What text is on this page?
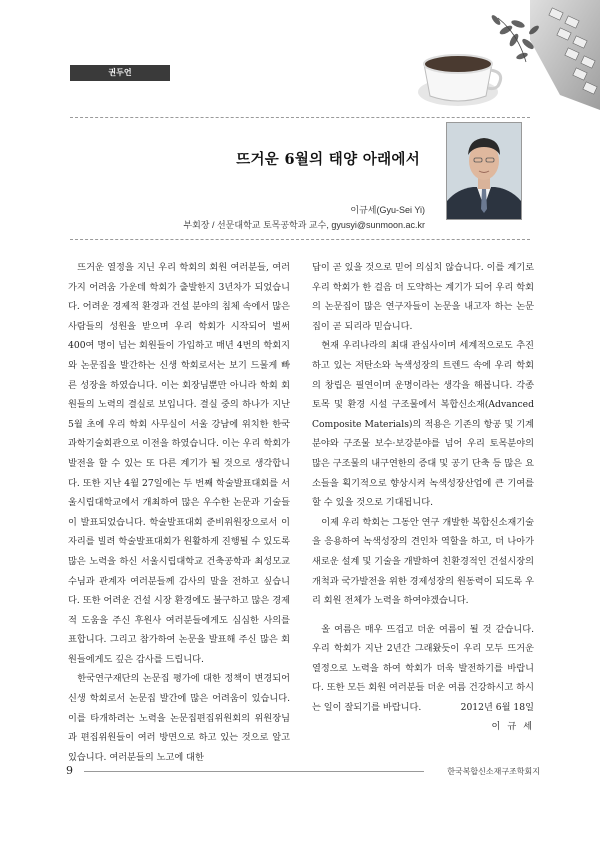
권두언
뜨거운 6월의 태양 아래에서
이규세(Gyu-Sei Yi)
부회장 / 선문대학교 토목공학과 교수, gyusyi@sunmoon.ac.kr

뜨거운 열정을 지닌 우리 학회의 회원 여러분들, 여러 가지 어려움 가운데 학회가 출발한지 3년차가 되었습니다. 어려운 경제적 환경과 건설 분야의 침체 속에서 많은 사람들의 성원을 받으며 우리 학회가 시작되어 벌써 400여 명이 넘는 회원들이 가입하고 매년 4번의 학회지와 논문집을 발간하는 신생 학회로서는 보기 드물게 빠른 성장을 하였습니다. 이는 회장님뿐만 아니라 학회 회원들의 노력의 결실로 보입니다. 결실 중의 하나가 지난 5월 초에 우리 학회 사무실이 서울 강남에 위치한 한국과학기술회관으로 이전을 하였습니다. 이는 우리 학회가 발전을 할 수 있는 또 다른 계기가 될 것으로 생각합니다. 또한 지난 4월 27일에는 두 번째 학술발표대회를 서울시립대학교에서 개최하여 많은 우수한 논문과 기술들이 발표되었습니다. 학술발표대회 준비위원장으로서 이 자리를 빌려 학술발표대회가 원활하게 진행될 수 있도록 많은 노력을 하신 서울시립대학교 건축공학과 최성모교수님과 관계자 여러분들께 감사의 말을 전하고 싶습니다. 또한 어려운 건설 시장 환경에도 불구하고 많은 경제적 도움을 주신 후원사 여러분들에게도 심심한 사의를 표합니다. 그리고 참가하여 논문을 발표해 주신 많은 회원들에게도 깊은 감사를 드립니다.

한국연구재단의 논문집 평가에 대한 정책이 변경되어 신생 학회로서 논문집 발간에 많은 어려움이 있습니다. 이를 타개하려는 노력을 논문집편집위원회의 위원장님과 편집위원들이 여러 방면으로 하고 있는 것으로 알고 있습니다. 여러분들의 노고에 대한

답이 곧 있을 것으로 믿어 의심치 않습니다. 이를 계기로 우리 학회가 한 걸음 더 도약하는 계기가 되어 우리 학회의 논문집이 많은 연구자들이 논문을 내고자 하는 논문집이 곧 되리라 믿습니다.

현재 우리나라의 최대 관심사이며 세계적으로도 추진하고 있는 저탄소와 녹색성장의 트렌드 속에 우리 학회의 창립은 필연이며 운명이라는 생각을 해봅니다. 각종 토목 및 환경 시설 구조물에서 복합신소재(Advanced Composite Materials)의 적용은 기존의 항공 및 기계분야와 구조물 보수·보강분야를 넘어 우리 토목분야의 많은 구조물의 내구연한의 증대 및 공기 단축 등 많은 요소들을 획기적으로 향상시켜 녹색성장산업에 큰 기여를 할 수 있을 것으로 기대됩니다.

이제 우리 학회는 그동안 연구 개발한 복합신소재기술을 응용하여 녹색성장의 견인차 역할을 하고, 더 나아가 새로운 설계 및 기술을 개발하여 친환경적인 건설시장의 개척과 국가발전을 위한 경제성장의 원동력이 되도록 우리 회원 전체가 노력을 하여야겠습니다.

올 여름은 매우 뜨겁고 더운 여름이 될 것 같습니다. 우리 학회가 지난 2년간 그래왔듯이 우리 모두 뜨거운 열정으로 노력을 하여 학회가 더욱 발전하기를 바랍니다. 또한 모든 회원 여러분들 더운 여름 건강하시고 하시는 일이 잘되기를 바랍니다.	2012년 6월 18일
이 규 세
9	한국복합신소재구조학회지
